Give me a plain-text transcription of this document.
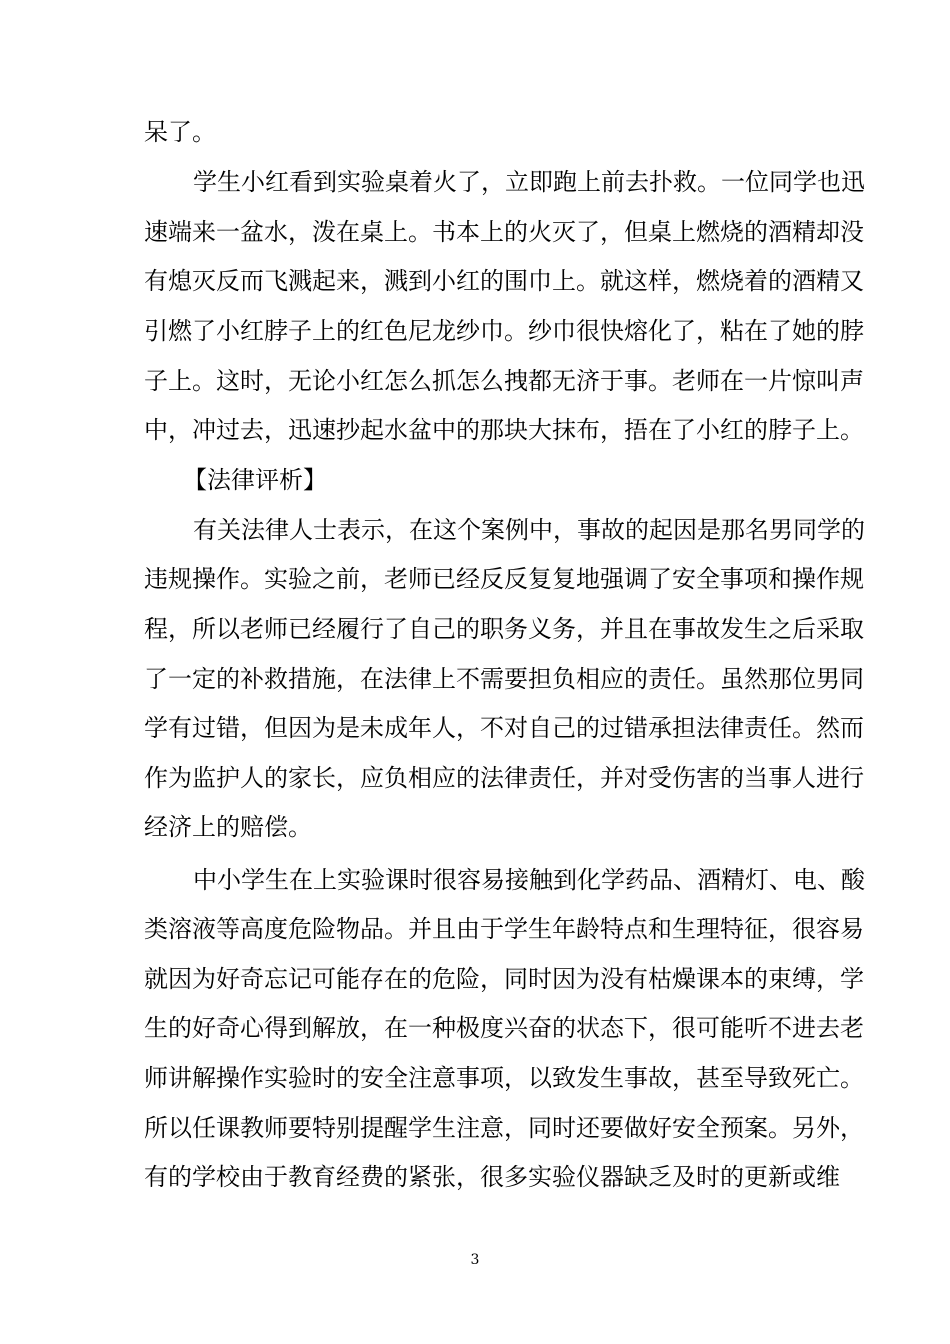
呆了。
学生小红看到实验桌着火了，立即跑上前去扑救。一位同学也迅
速端来一盆水，泼在桌上。书本上的火灭了，但桌上燃烧的酒精却没
有熄灭反而飞溅起来，溅到小红的围巾上。就这样，燃烧着的酒精又
引燃了小红脖子上的红色尼龙纱巾。纱巾很快熔化了，粘在了她的脖
子上。这时，无论小红怎么抓怎么拽都无济于事。老师在一片惊叫声
中，冲过去，迅速抄起水盆中的那块大抹布，捂在了小红的脖子上。
【法律评析】
有关法律人士表示，在这个案例中，事故的起因是那名男同学的
违规操作。实验之前，老师已经反反复复地强调了安全事项和操作规
程，所以老师已经履行了自己的职务义务，并且在事故发生之后采取
了一定的补救措施，在法律上不需要担负相应的责任。虽然那位男同
学有过错，但因为是未成年人，不对自己的过错承担法律责任。然而
作为监护人的家长，应负相应的法律责任，并对受伤害的当事人进行
经济上的赔偿。
中小学生在上实验课时很容易接触到化学药品、酒精灯、电、酸
类溶液等高度危险物品。并且由于学生年龄特点和生理特征，很容易
就因为好奇忘记可能存在的危险，同时因为没有枯燥课本的束缚，学
生的好奇心得到解放，在一种极度兴奋的状态下，很可能听不进去老
师讲解操作实验时的安全注意事项，以致发生事故，甚至导致死亡。
所以任课教师要特别提醒学生注意，同时还要做好安全预案。另外，
有的学校由于教育经费的紧张，很多实验仪器缺乏及时的更新或维
3
